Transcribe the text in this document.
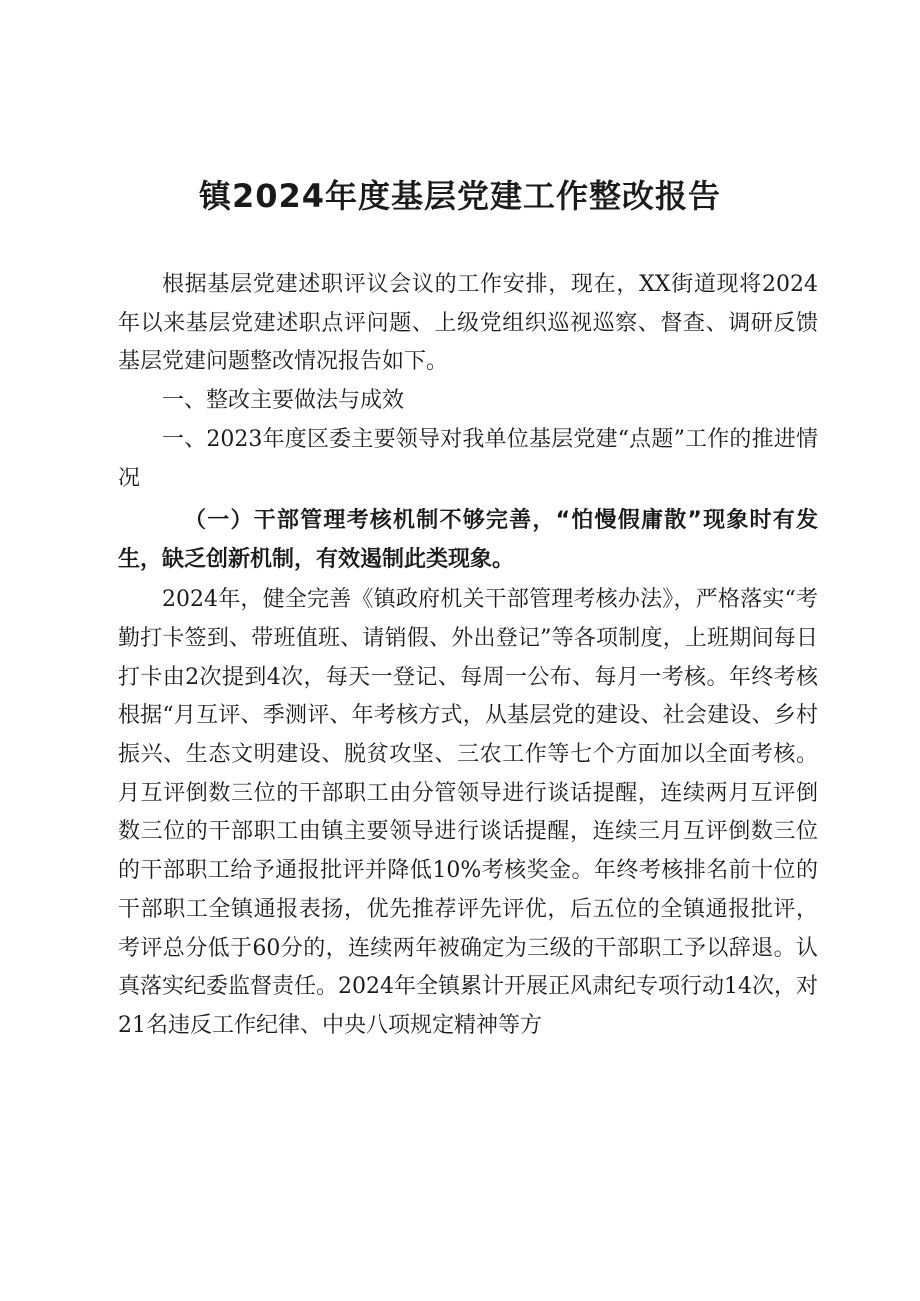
镇2024年度基层党建工作整改报告

根据基层党建述职评议会议的工作安排，现在，XX街道现将2024年以来基层党建述职点评问题、上级党组织巡视巡察、督查、调研反馈基层党建问题整改情况报告如下。

一、整改主要做法与成效

一、2023年度区委主要领导对我单位基层党建“点题”工作的推进情况

（一）干部管理考核机制不够完善，“怕慢假庸散”现象时有发生，缺乏创新机制，有效遏制此类现象。

2024年，健全完善《镇政府机关干部管理考核办法》，严格落实“考勤打卡签到、带班值班、请销假、外出登记”等各项制度，上班期间每日打卡由2次提到4次，每天一登记、每周一公布、每月一考核。年终考核根据“月互评、季测评、年考核方式，从基层党的建设、社会建设、乡村振兴、生态文明建设、脱贫攻坚、三农工作等七个方面加以全面考核。月互评倒数三位的干部职工由分管领导进行谈话提醒，连续两月互评倒数三位的干部职工由镇主要领导进行谈话提醒，连续三月互评倒数三位的干部职工给予通报批评并降低10%考核奖金。年终考核排名前十位的干部职工全镇通报表扬，优先推荐评先评优，后五位的全镇通报批评，考评总分低于60分的，连续两年被确定为三级的干部职工予以辞退。认真落实纪委监督责任。2024年全镇累计开展正风肃纪专项行动14次，对21名违反工作纪律、中央八项规定精神等方
